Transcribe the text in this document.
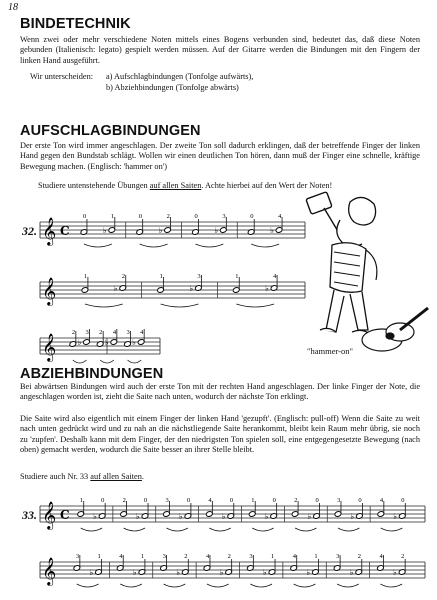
18
BINDETECHNIK
Wenn zwei oder mehr verschiedene Noten mittels eines Bogens verbunden sind, bedeutet das, daß diese Noten gebunden (Italienisch: legato) gespielt werden müssen. Auf der Gitarre werden die Bindungen mit den Fingern der linken Hand ausgeführt.
Wir unterscheiden: a) Aufschlagbindungen (Tonfolge aufwärts),
b) Abziehbindungen (Tonfolge abwärts)
AUFSCHLAGBINDUNGEN
Der erste Ton wird immer angeschlagen. Der zweite Ton soll dadurch erklingen, daß der betreffende Finger der linken Hand gegen den Bundstab schlägt. Wollen wir einen deutlichen Ton hören, dann muß der Finger eine schnelle, kräftige Bewegung machen. (Englisch: 'hammer on')
Studiere untenstehende Übungen auf allen Saiten. Achte hierbei auf den Wert der Noten!
32. 𝄞 C
0
♭
1	0
♭
2	0
♭
3	0
♭
4
𝄞
1
♭
2	1
♭
3	1
♭
4
𝄞
2
♭
3 2
♭
4 3
♭
4
"hammer-on"
ABZIEHBINDUNGEN
Bei abwärtsen Bindungen wird auch der erste Ton mit der rechten Hand angeschlagen. Der linke Finger der Note, die angeschlagen worden ist, zieht die Saite nach unten, wodurch der nächste Ton erklingt.
Die Saite wird also eigentlich mit einem Finger der linken Hand 'gezupft'. (Englisch: pull-off) Wenn die Saite zu weit nach unten gedrückt wird und zu nah an die nächstliegende Saite herankommt, bleibt kein Raum mehr übrig, sie noch zu 'zupfen'. Deshalb kann mit dem Finger, der den niedrigsten Ton spielen soll, eine entgegengesetzte Bewegung (nach oben) gemacht werden, wodurch die Saite besser an ihrer Stelle bleibt.
Studiere auch Nr. 33 auf allen Saiten.
33. 𝄞 C
1
♭
0	2
♭
0	3
♭
0	4
♭
0	1
♭
0	2
♭
0	3
♭
0	4
♭
0
𝄞
3
♭
1	4
♭
1	3
♭
2	4
♭
2	3
♭
1	4
♭
1	3
♭
2	4
♭
2
